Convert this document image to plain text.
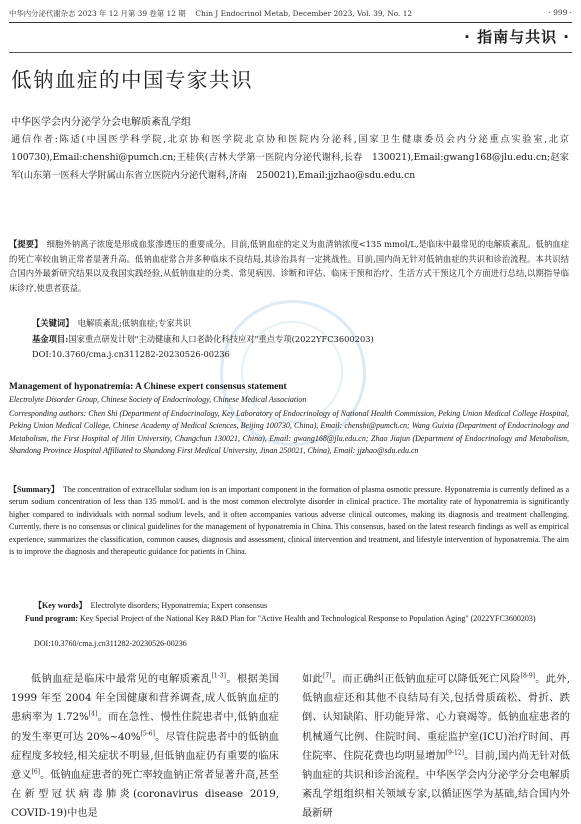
中华内分泌代谢杂志 2023 年 12 月第 39 卷第 12 期　 Chin J Endocrinol Metab, December 2023, Vol. 39, No. 12	· 999 ·
· 指南与共识 ·
低钠血症的中国专家共识
中华医学会内分泌学分会电解质紊乱学组
通信作者:陈适(中国医学科学院,北京协和医学院北京协和医院内分泌科,国家卫生健康委员会内分泌重点实验室,北京　100730),Email:chenshi@pumch.cn;王桂侠(吉林大学第一医院内分泌代谢科,长春　130021),Email:gwang168@jlu.edu.cn;赵家军(山东第一医科大学附属山东省立医院内分泌代谢科,济南　250021),Email:jjzhao@sdu.edu.cn
【提要】　 细胞外钠离子浓度是形成血浆渗透压的重要成分。目前,低钠血症的定义为血清钠浓度<135 mmol/L,是临床中最常见的电解质紊乱。低钠血症的死亡率较血钠正常者显著升高。低钠血症常合并多种临床不良结局,其诊治具有一定挑战性。目前,国内尚无针对低钠血症的共识和诊治流程。本共识结合国内外最新研究结果以及我国实践经验,从低钠血症的分类、常见病因、诊断和评估、临床干预和治疗、生活方式干预这几个方面进行总结,以期指导临床诊疗,使患者获益。
【关键词】　 电解质紊乱;低钠血症;专家共识
基金项目:国家重点研发计划"主动健康和人口老龄化科技应对"重点专项(2022YFC3600203)
DOI:10.3760/cma.j.cn311282-20230526-00236
Management of hyponatremia: A Chinese expert consensus statement
Electrolyte Disorder Group, Chinese Society of Endocrinology, Chinese Medical Association
Corresponding authors: Chen Shi (Department of Endocrinology, Key Laboratory of Endocrinology of National Health Commission, Peking Union Medical College Hospital, Peking Union Medical College, Chinese Academy of Medical Sciences, Beijing 100730, China), Email: chenshi@pumch.cn; Wang Guixia (Department of Endocrinology and Metabolism, the First Hospital of Jilin University, Changchun 130021, China), Email: gwang168@jlu.edu.cn; Zhao Jiajun (Department of Endocrinology and Metabolism, Shandong Province Hospital Affiliated to Shandong First Medical University, Jinan 250021, China), Email: jjzhao@sdu.edu.cn
【Summary】　 The concentration of extracellular sodium ion is an important component in the formation of plasma osmotic pressure. Hyponatremia is currently defined as a serum sodium concentration of less than 135 mmol/L and is the most common electrolyte disorder in clinical practice. The mortality rate of hyponatremia is significantly higher compared to individuals with normal sodium levels, and it often accompanies various adverse clinical outcomes, making its diagnosis and treatment challenging. Currently, there is no consensus or clinical guidelines for the management of hyponatremia in China. This consensus, based on the latest research findings as well as empirical experience, summarizes the classification, common causes, diagnosis and assessment, clinical intervention and treatment, and lifestyle intervention of hyponatremia. The aim is to improve the diagnosis and therapeutic guidance for patients in China.
【Key words】　 Electrolyte disorders; Hyponatremia; Expert consensus
　　Fund program: Key Special Project of the National Key R&D Plan for "Active Health and Technological Response to Population Aging" (2022YFC3600203)
DOI:10.3760/cma.j.cn311282-20230526-00236
低钠血症是临床中最常见的电解质紊乱[1-3]。根据美国 1999 年至 2004 年全国健康和营养调查,成人低钠血症的患病率为 1.72%[4]。而在急性、慢性住院患者中,低钠血症的发生率更可达 20%~40%[5-6]。尽管住院患者中的低钠血症程度多较轻,相关症状不明显,但低钠血症仍有重要的临床意义[6]。低钠血症患者的死亡率较血钠正常者显著升高,甚至在新型冠状病毒肺炎(coronavirus disease 2019, COVID-19)中也是
如此[7]。而正确纠正低钠血症可以降低死亡风险[8-9]。此外,低钠血症还和其他不良结局有关,包括骨质疏松、骨折、跌倒、认知缺陷、肝功能异常、心力衰竭等。低钠血症患者的机械通气比例、住院时间、重症监护室(ICU)治疗时间、再住院率、住院花费也均明显增加[9-12]。目前,国内尚无针对低钠血症的共识和诊治流程。中华医学会内分泌学分会电解质紊乱学组组织相关领域专家,以循证医学为基础,结合国内外最新研
